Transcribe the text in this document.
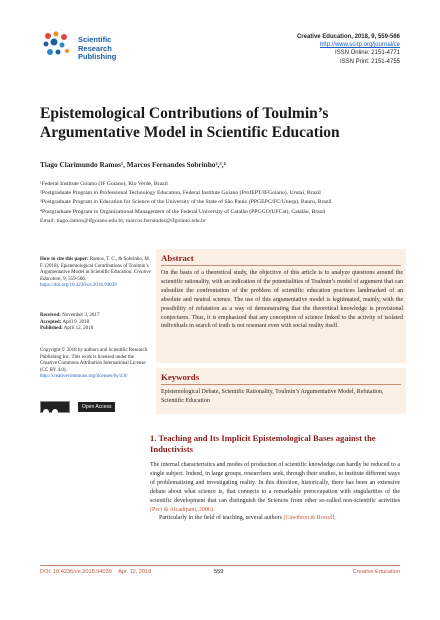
Scientific
Research
Publishing
Creative Education, 2018, 9, 559-566
http://www.scirp.org/journal/ce
ISSN Online: 2151-4771
ISSN Print: 2151-4755
Epistemological Contributions of Toulmin’s Argumentative Model in Scientific Education
Tiago Clarimundo Ramos¹, Marcos Fernandes Sobrinho²,³,⁴
¹Federal Institute Goiano (IF Goiano), Rio Verde, Brazil
²Postgraduate Program in Professional Technology Education, Federal Institute Goiano (ProfEPT/IFGoiano), Urutaí, Brazil
³Postgraduate Program in Education for Science of the University of the State of São Paulo (PPGEPC/FC/Unesp), Bauru, Brazil
⁴Postgraduate Program in Organizational Management of the Federal University of Catalão (PPGGO/UFCat), Catalão, Brazil
Email: tiago.ramos@ifgoiano.edu.br, marcos.fernandes@ifgoiano.edu.br
How to cite this paper: Ramos, T. C., & Sobrinho, M. F. (2018). Epistemological Contributions of Toulmin’s Argumentative Model in Scientific Education. Creative Education, 9, 559-566.
https://doi.org/10.4236/ce.2018.94039
Received: November 3, 2017
Accepted: April 9, 2018
Published: April 12, 2018
Copyright © 2018 by authors and Scientific Research Publishing Inc. This work is licensed under the Creative Commons Attribution International License (CC BY 4.0).
http://creativecommons.org/licenses/by/4.0/
Open Access
Abstract
On the basis of a theoretical study, the objective of this article is to analyze questions around the scientific rationality, with an indication of the potentialities of Toulmin’s model of argument that can subsidize the confrontation of the problem of scientific education practices landmarked of an absolute and neutral science. The use of this argumentative model is legitimated, mainly, with the possibility of refutation as a way of demonstrating that the theoretical knowledge is provisional conjectures. Thus, it is emphasized that any conception of science linked to the activity of isolated individuals in search of truth is not resonant even with social reality itself.
Keywords
Epistemological Debate, Scientific Rationality, Toulmin’s Argumentative Model, Refutation, Scientific Education
1. Teaching and Its Implicit Epistemological Bases against the Inductivists

The internal characteristics and modes of production of scientific knowledge can hardly be reduced to a single subject. Indeed, in large groups, researchers seek, through their studies, to institute different ways of problematizing and investigating reality. In this direction, historically, there has been an extensive debate about what science is, that connects to a remarkable preoccupation with singularities of the scientific development that can distinguish the Sciences from other so-called non-scientific activities (Peci & Alcadipani, 2006).

Particularly in the field of teaching, several authors (Cawthron & Rowell,

DOI: 10.4236/ce.2018.94039 Apr. 12, 2018	559	Creative Education
